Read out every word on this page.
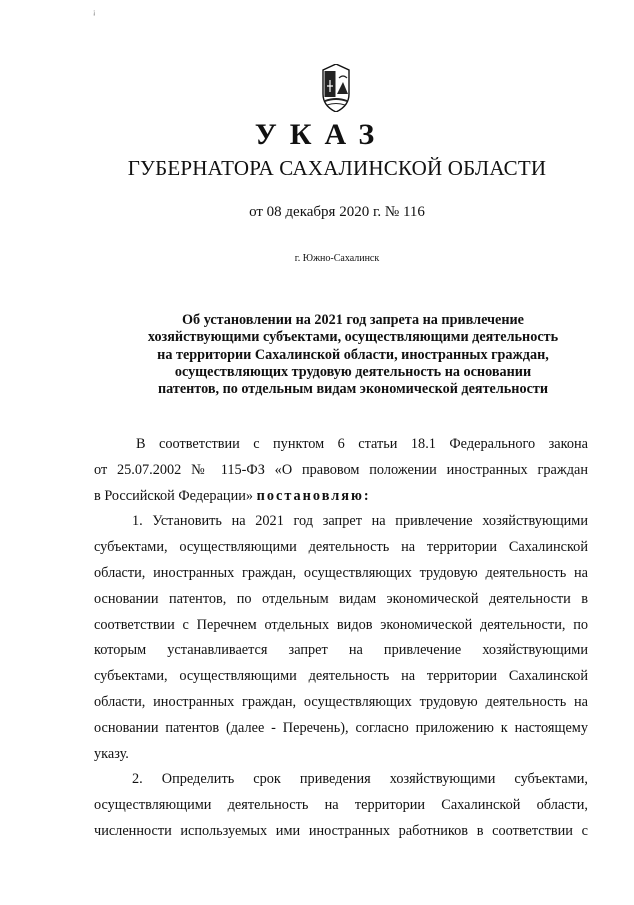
¡
УКАЗ
ГУБЕРНАТОРА САХАЛИНСКОЙ ОБЛАСТИ
от 08 декабря 2020 г. № 116
г. Южно-Сахалинск
Об установлении на 2021 год запрета на привлечение
хозяйствующими субъектами, осуществляющими деятельность
на территории Сахалинской области, иностранных граждан,
осуществляющих трудовую деятельность на основании
патентов, по отдельным видам экономической деятельности
В соответствии с пунктом 6 статьи 18.1 Федерального закона
от 25.07.2002 № 115-ФЗ «О правовом положении иностранных граждан
в Российской Федерации» постановляю:
1. Установить на 2021 год запрет на привлечение хозяйствующими
субъектами, осуществляющими деятельность на территории Сахалинской
области, иностранных граждан, осуществляющих трудовую деятельность на
основании патентов, по отдельным видам экономической деятельности в
соответствии с Перечнем отдельных видов экономической деятельности, по
которым устанавливается запрет на привлечение хозяйствующими
субъектами, осуществляющими деятельность на территории Сахалинской
области, иностранных граждан, осуществляющих трудовую деятельность на
основании патентов (далее - Перечень), согласно приложению к настоящему
указу.
2. Определить срок приведения хозяйствующими субъектами,
осуществляющими деятельность на территории Сахалинской области,
численности используемых ими иностранных работников в соответствии с
